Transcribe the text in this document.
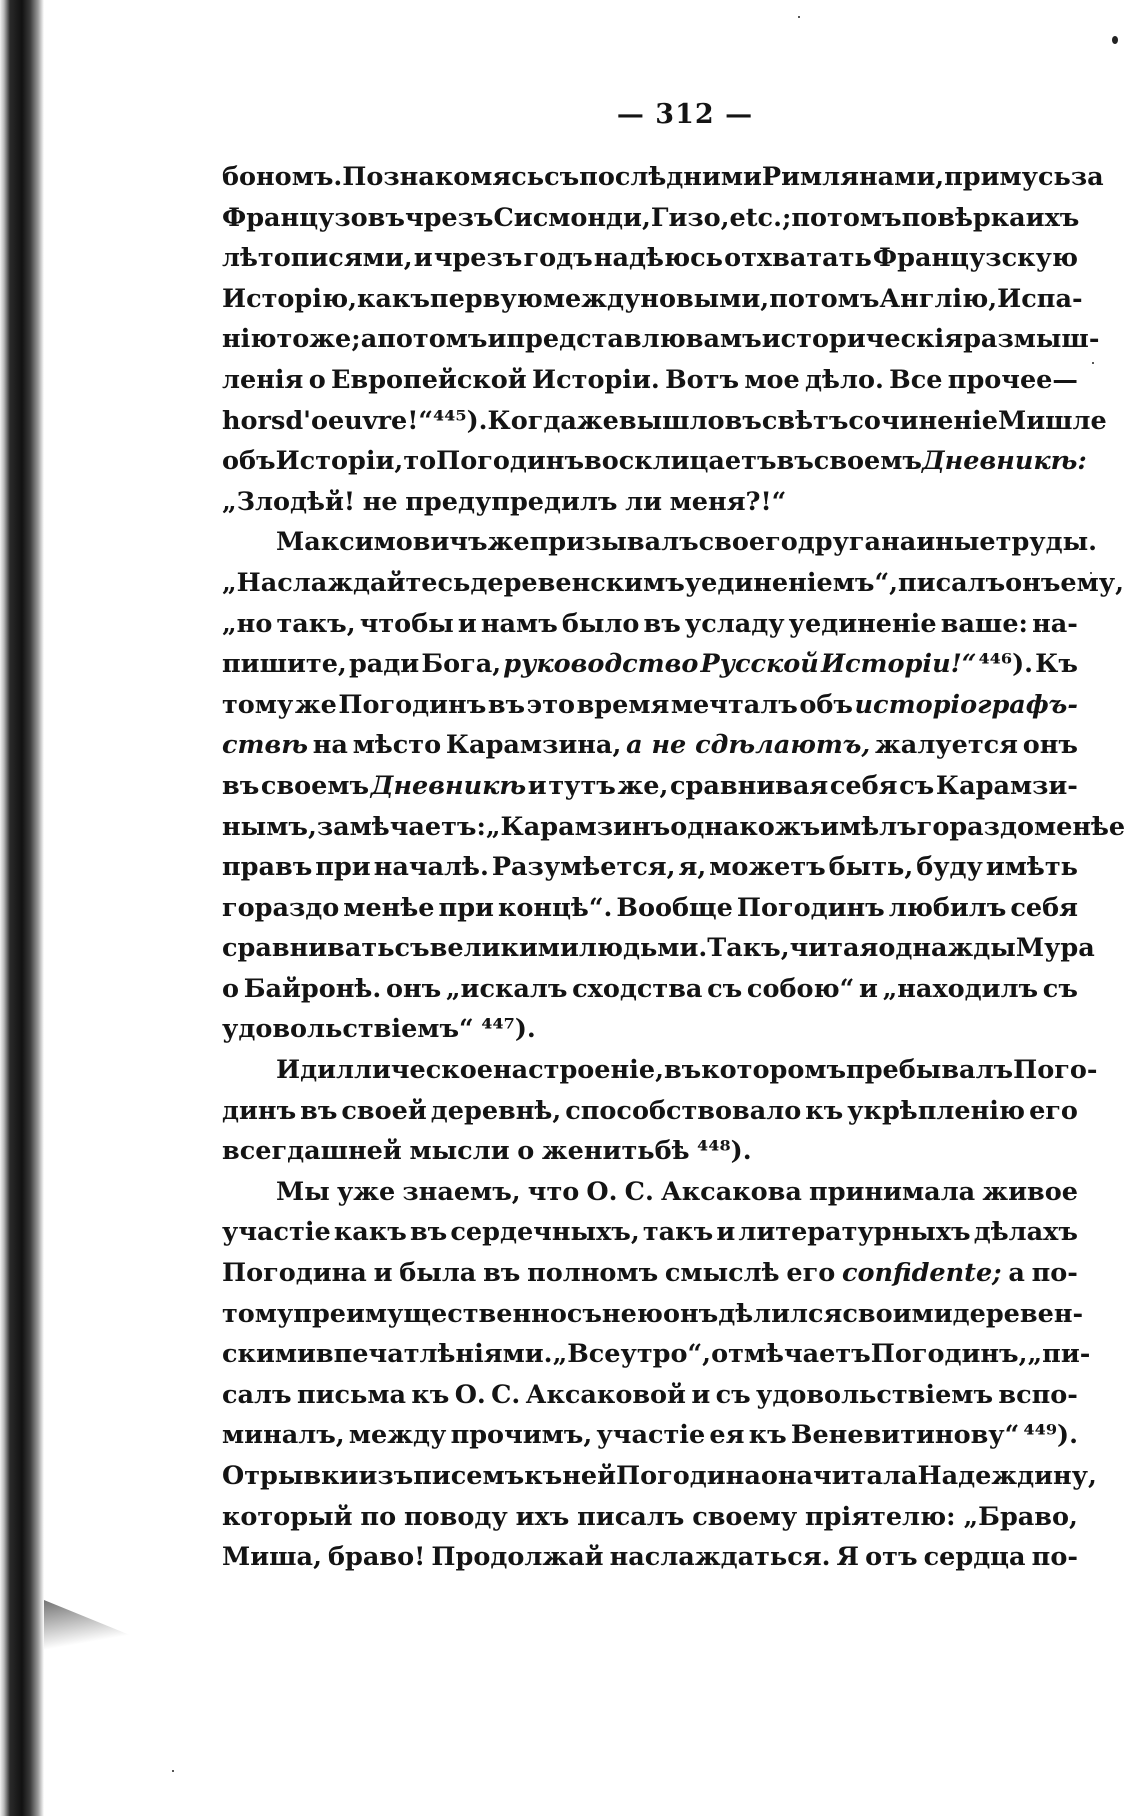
— 312 —
бономъ. Познакомясь съ послѣдними Римлянами, примусь за
Французовъ чрезъ Сисмонди, Гизо, etc.; потомъ повѣрка ихъ
лѣтописями, и чрезъ годъ надѣюсь отхватать Французскую
Исторію, какъ первую между новыми, потомъ Англію, Испа-
нію тоже; а потомъ и представлю вамъ историческія размыш-
ленія о Европейской Исторіи. Вотъ мое дѣло. Все прочее—
hors d'oeuvre!“ ⁴⁴⁵). Когда же вышло въ свѣтъ сочиненіе Мишле
объ Исторіи, то Погодинъ восклицаетъ въ своемъ Дневникѣ:
„Злодѣй! не предупредилъ ли меня?!“
Максимовичъ же призывалъ своего друга на иные труды.
„Наслаждайтесь деревенскимъ уединеніемъ“, писалъ онъ ему,
„но такъ, чтобы и намъ было въ усладу уединеніе ваше: на-
пишите, ради Бога, руководство Русской Исторіи!“ ⁴⁴⁶). Къ
тому же Погодинъ въ это время мечталъ объ исторіографъ-
ствѣ на мѣсто Карамзина, а не сдѣлаютъ, жалуется онъ
въ своемъ Дневникѣ и тутъ же, сравнивая себя съ Карамзи-
нымъ, замѣчаетъ: „Карамзинъ однакожъ имѣлъ гораздо менѣе
правъ при началѣ. Разумѣется, я, можетъ быть, буду имѣть
гораздо менѣе при концѣ“. Вообще Погодинъ любилъ себя
сравнивать съ великими людьми. Такъ, читая однажды Мура
о Байронѣ. онъ „искалъ сходства съ собою“ и „находилъ съ
удовольствіемъ“ ⁴⁴⁷).
Идиллическое настроеніе, въ которомъ пребывалъ Пого-
динъ въ своей деревнѣ, способствовало къ укрѣпленію его
всегдашней мысли о женитьбѣ ⁴⁴⁸).
Мы уже знаемъ, что О. С. Аксакова принимала живое
участіе какъ въ сердечныхъ, такъ и литературныхъ дѣлахъ
Погодина и была въ полномъ смыслѣ его confidente; а по-
тому преимущественно съ нею онъ дѣлился своими деревен-
скими впечатлѣніями. „Все утро“, отмѣчаетъ Погодинъ, „пи-
салъ письма къ О. С. Аксаковой и съ удовольствіемъ вспо-
миналъ, между прочимъ, участіе ея къ Веневитинову“ ⁴⁴⁹).
Отрывки изъ писемъ къ ней Погодина она читала Надеждину,
который по поводу ихъ писалъ своему пріятелю: „Браво,
Миша, браво! Продолжай наслаждаться. Я отъ сердца по-
